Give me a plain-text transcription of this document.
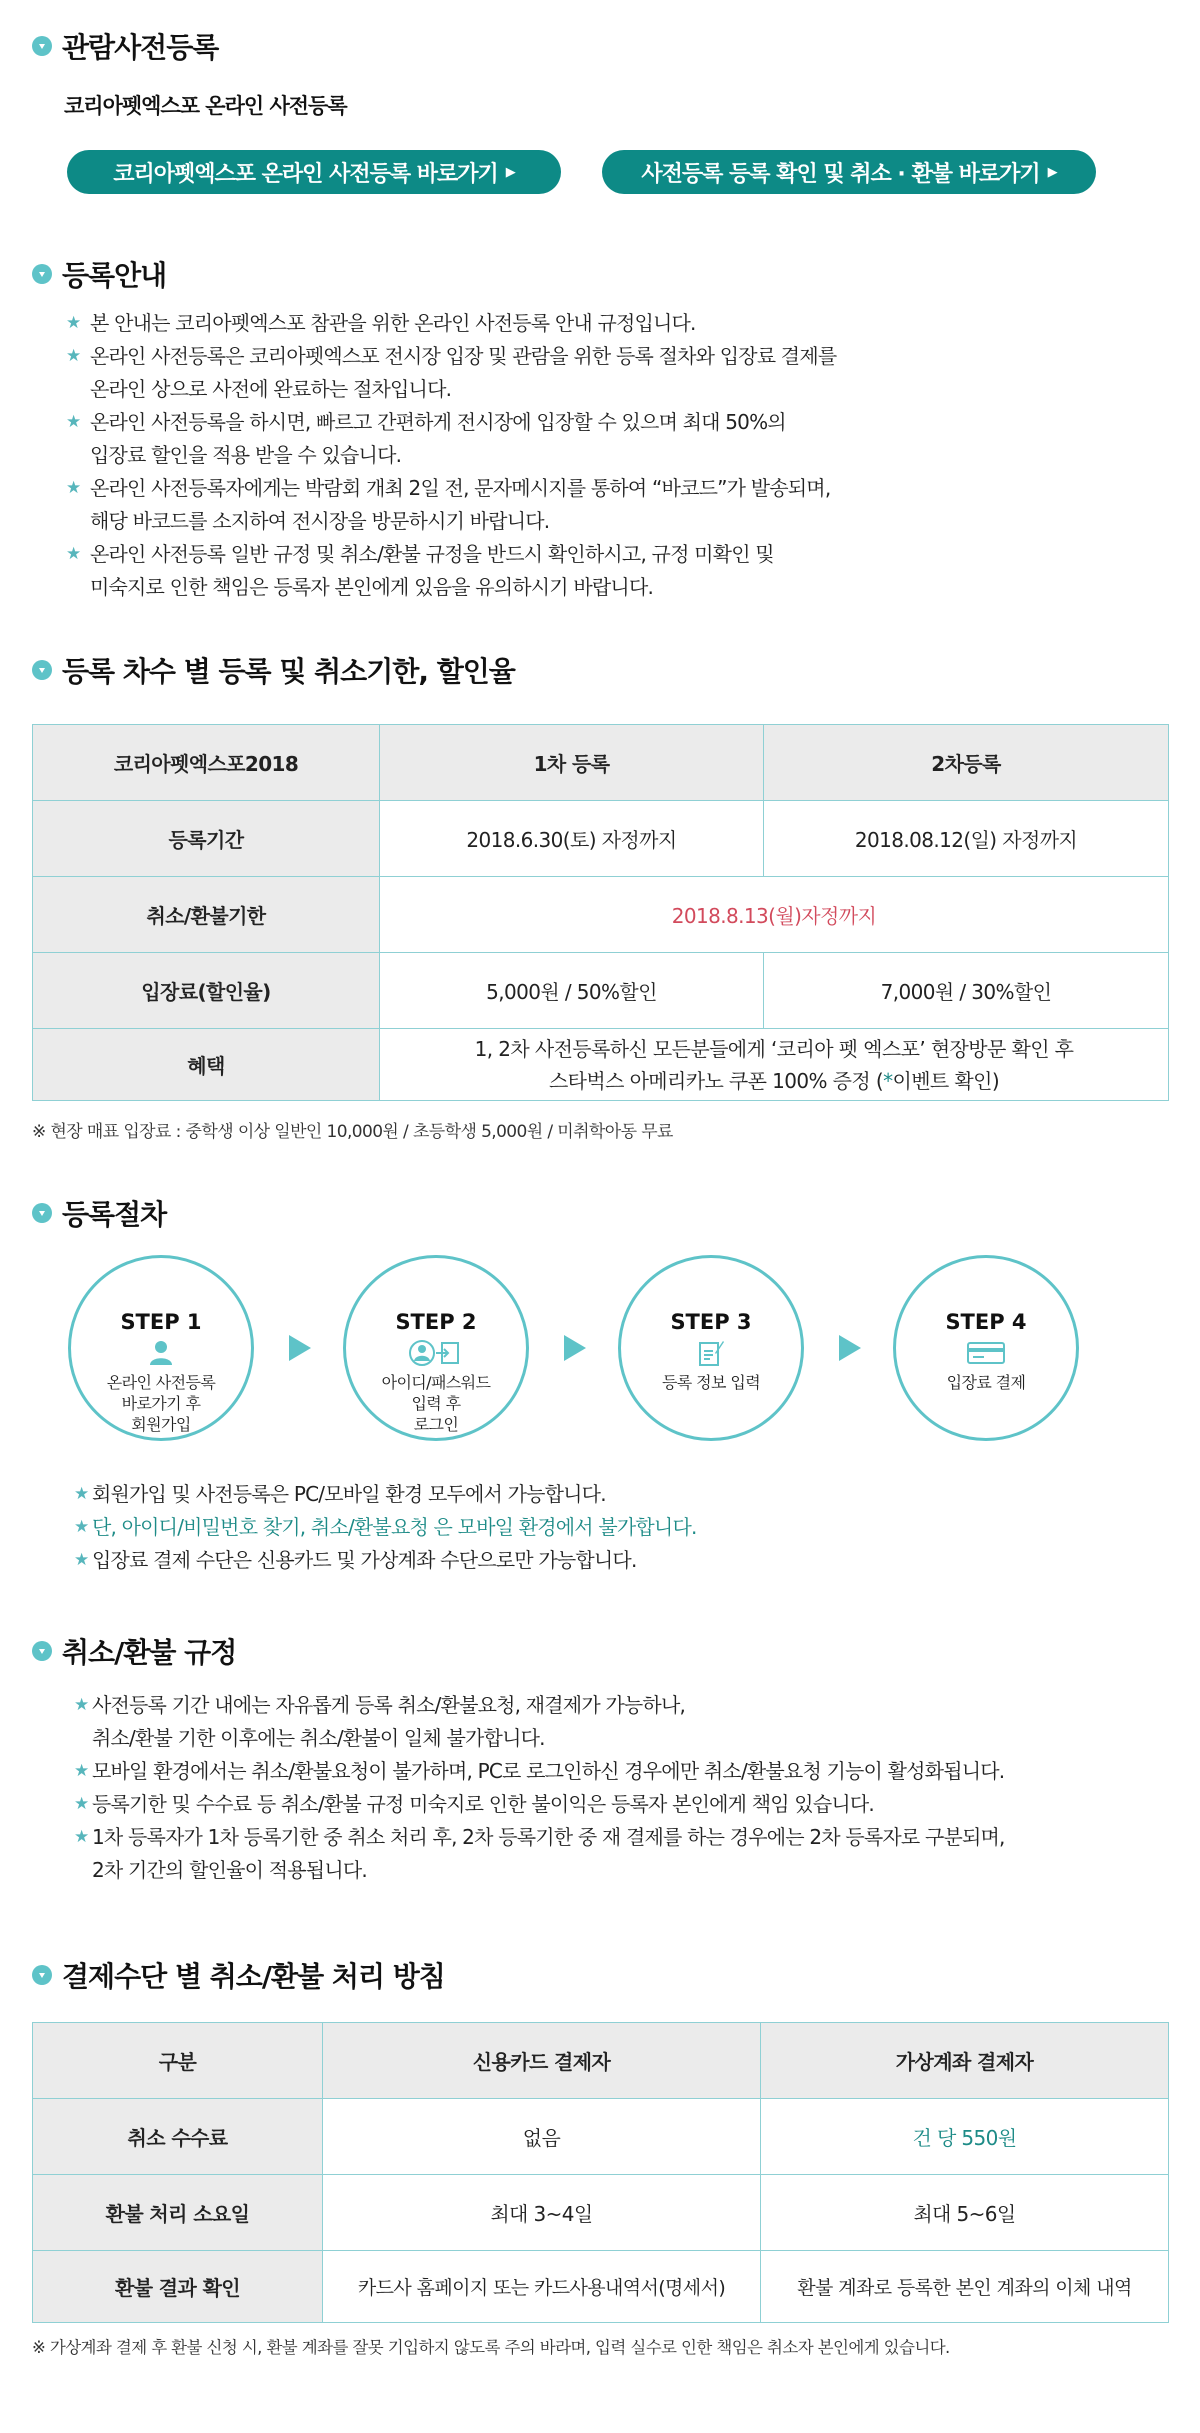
관람사전등록
코리아펫엑스포 온라인 사전등록
코리아펫엑스포 온라인 사전등록 바로가기 ▶	사전등록 등록 확인 및 취소 · 환불 바로가기 ▶
등록안내
★ 본 안내는 코리아펫엑스포 참관을 위한 온라인 사전등록 안내 규정입니다.
★ 온라인 사전등록은 코리아펫엑스포 전시장 입장 및 관람을 위한 등록 절차와 입장료 결제를
온라인 상으로 사전에 완료하는 절차입니다.
★ 온라인 사전등록을 하시면, 빠르고 간편하게 전시장에 입장할 수 있으며 최대 50%의
입장료 할인을 적용 받을 수 있습니다.
★ 온라인 사전등록자에게는 박람회 개최 2일 전, 문자메시지를 통하여 “바코드”가 발송되며,
해당 바코드를 소지하여 전시장을 방문하시기 바랍니다.
★ 온라인 사전등록 일반 규정 및 취소/환불 규정을 반드시 확인하시고, 규정 미확인 및
미숙지로 인한 책임은 등록자 본인에게 있음을 유의하시기 바랍니다.
등록 차수 별 등록 및 취소기한, 할인율
코리아펫엑스포2018	1차 등록	2차등록
등록기간	2018.6.30(토) 자정까지	2018.08.12(일) 자정까지
취소/환불기한	2018.8.13(월)자정까지	
입장료(할인율)	5,000원 / 50%할인	7,000원 / 30%할인
혜택	1, 2차 사전등록하신 모든분들에게 ‘코리아 펫 엑스포’ 현장방문 확인 후
스타벅스 아메리카노 쿠폰 100% 증정 (*이벤트 확인)	
※ 현장 매표 입장료 : 중학생 이상 일반인 10,000원 / 초등학생 5,000원 / 미취학아동 무료
등록절차
STEP 1
온라인 사전등록
바로가기 후
회원가입
STEP 2
아이디/패스워드
입력 후
로그인
STEP 3
등록 정보 입력
STEP 4
입장료 결제
★ 회원가입 및 사전등록은 PC/모바일 환경 모두에서 가능합니다.
★ 단, 아이디/비밀번호 찾기, 취소/환불요청 은 모바일 환경에서 불가합니다.
★ 입장료 결제 수단은 신용카드 및 가상계좌 수단으로만 가능합니다.
취소/환불 규정
★ 사전등록 기간 내에는 자유롭게 등록 취소/환불요청, 재결제가 가능하나,
취소/환불 기한 이후에는 취소/환불이 일체 불가합니다.
★ 모바일 환경에서는 취소/환불요청이 불가하며, PC로 로그인하신 경우에만 취소/환불요청 기능이 활성화됩니다.
★ 등록기한 및 수수료 등 취소/환불 규정 미숙지로 인한 불이익은 등록자 본인에게 책임 있습니다.
★ 1차 등록자가 1차 등록기한 중 취소 처리 후, 2차 등록기한 중 재 결제를 하는 경우에는 2차 등록자로 구분되며,
2차 기간의 할인율이 적용됩니다.
결제수단 별 취소/환불 처리 방침
구분	신용카드 결제자	가상계좌 결제자
취소 수수료	없음	건 당 550원
환불 처리 소요일	최대 3~4일	최대 5~6일
환불 결과 확인	카드사 홈페이지 또는 카드사용내역서(명세서)	환불 계좌로 등록한 본인 계좌의 이체 내역
※ 가상계좌 결제 후 환불 신청 시, 환불 계좌를 잘못 기입하지 않도록 주의 바라며, 입력 실수로 인한 책임은 취소자 본인에게 있습니다.
